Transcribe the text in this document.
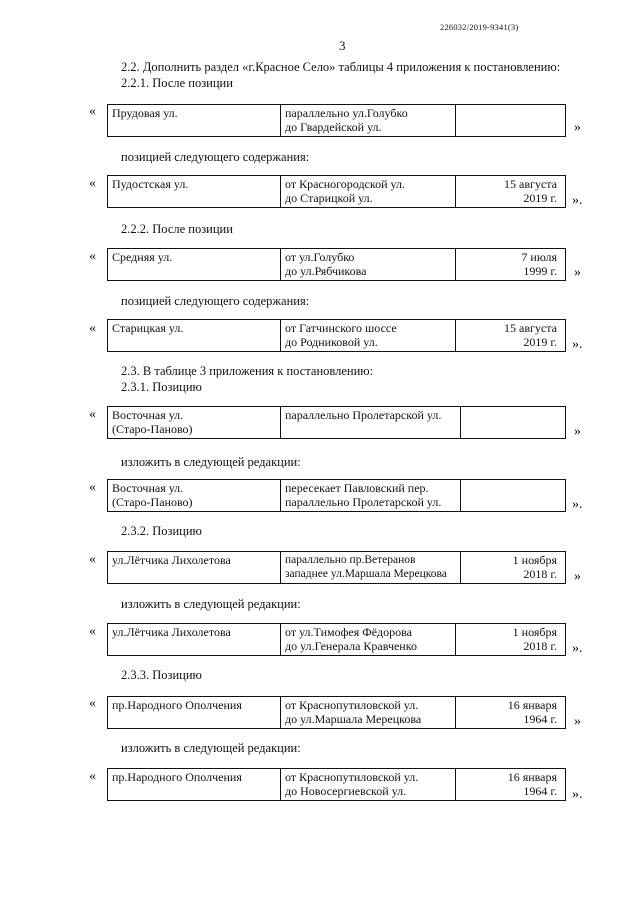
226032/2019-9341(3)
3
2.2. Дополнить раздел «г.Красное Село» таблицы 4 приложения к постановлению:
2.2.1. После позиции
« Прудовая ул.	параллельно ул.Голубко
до Гвардейской ул.
		»
позицией следующего содержания:
« Пудостская ул.	от Красногородской ул.
до Старицкой ул.
	15 августа
2019 г. ».
2.2.2. После позиции
« Средняя ул.	от ул.Голубко
до ул.Рябчикова
	7 июля
1999 г. »
позицией следующего содержания:
« Старицкая ул.	от Гатчинского шоссе
до Родниковой ул.
	15 августа
2019 г. ».
2.3. В таблице 3 приложения к постановлению:
2.3.1. Позицию
« Восточная ул.
(Старо-Паново)
	параллельно Пролетарской ул.

»
изложить в следующей редакции:
« Восточная ул.
(Старо-Паново)
	пересекает Павловский пер.
параллельно Пролетарской ул.
		».
2.3.2. Позицию
« ул.Лётчика Лихолетова	параллельно пр.Ветеранов
западнее ул.Маршала Мерецкова
	1 ноября
2018 г. »
изложить в следующей редакции:
« ул.Лётчика Лихолетова	от ул.Тимофея Фёдорова
до ул.Генерала Кравченко
	1 ноября
2018 г. ».
2.3.3. Позицию
« пр.Народного Ополчения	от Краснопутиловской ул.
до ул.Маршала Мерецкова
	16 января
1964 г. »
изложить в следующей редакции:
« пр.Народного Ополчения	от Краснопутиловской ул.
до Новосергиевской ул.
	16 января
1964 г. ».
